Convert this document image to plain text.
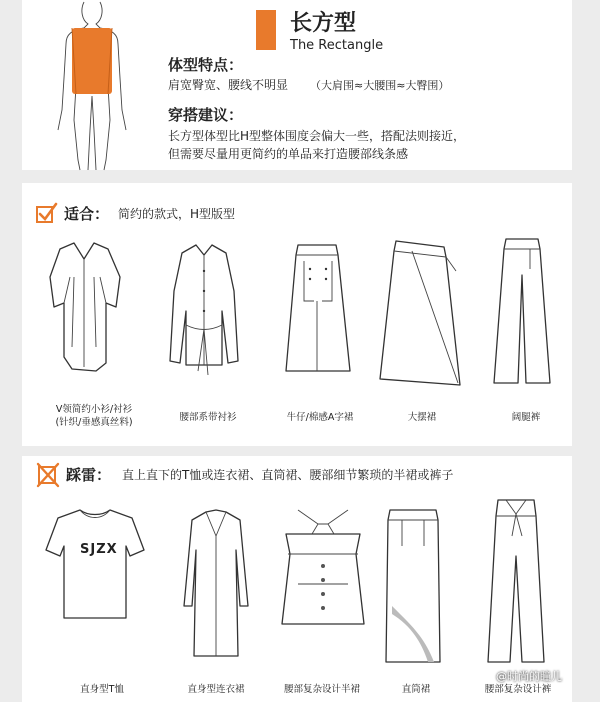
长方型
The Rectangle
体型特点：
肩宽臀宽、腰线不明显 （大肩围≈大腰围≈大臀围）
穿搭建议：
长方型体型比H型整体围度会偏大一些，搭配法则接近，
但需要尽量用更简约的单品来打造腰部线条感
适合： 简约的款式，H型版型
V领简约小衫/衬衫
(针织/垂感真丝料)	腰部系带衬衫	牛仔/棉感A字裙	大摆裙	阔腿裤
踩雷： 直上直下的T恤或连衣裙、直筒裙、腰部细节繁琐的半裙或裤子
SJZX
直身型T恤	直身型连衣裙	腰部复杂设计半裙	直筒裙	腰部复杂设计裤
@时尚的瞳儿
